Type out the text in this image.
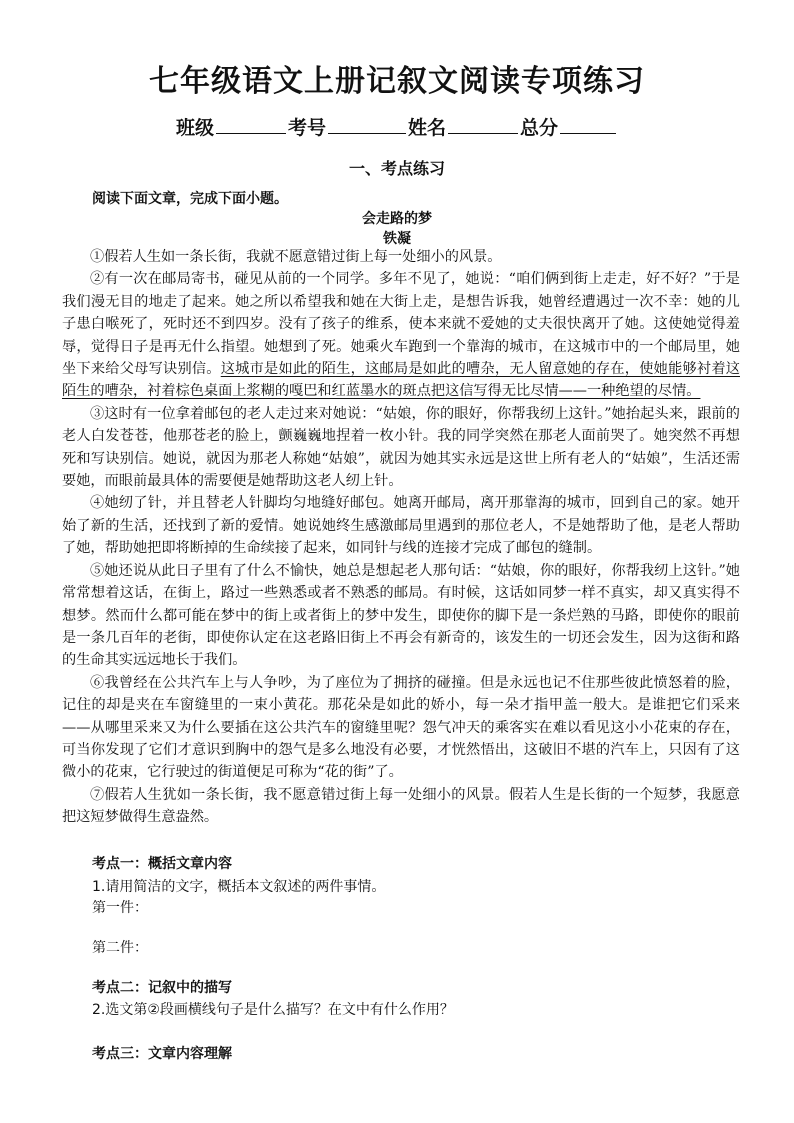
七年级语文上册记叙文阅读专项练习
班级	考号	姓名	总分
一、考点练习
阅读下面文章，完成下面小题。
会走路的梦
铁凝

①假若人生如一条长街，我就不愿意错过街上每一处细小的风景。

②有一次在邮局寄书，碰见从前的一个同学。多年不见了，她说：“咱们俩到街上走走，好不好？”于是我们漫无目的地走了起来。她之所以希望我和她在大街上走，是想告诉我，她曾经遭遇过一次不幸：她的儿子患白喉死了，死时还不到四岁。没有了孩子的维系，使本来就不爱她的丈夫很快离开了她。这使她觉得羞辱，觉得日子是再无什么指望。她想到了死。她乘火车跑到一个靠海的城市，在这城市中的一个邮局里，她坐下来给父母写诀别信。这城市是如此的陌生，这邮局是如此的嘈杂，无人留意她的存在，使她能够衬着这陌生的嘈杂，衬着棕色桌面上浆糊的嘎巴和红蓝墨水的斑点把这信写得无比尽情——一种绝望的尽情。

③这时有一位拿着邮包的老人走过来对她说：“姑娘，你的眼好，你帮我纫上这针。”她抬起头来，跟前的老人白发苍苍，他那苍老的脸上，颤巍巍地捏着一枚小针。我的同学突然在那老人面前哭了。她突然不再想死和写诀别信。她说，就因为那老人称她“姑娘”，就因为她其实永远是这世上所有老人的“姑娘”，生活还需要她，而眼前最具体的需要便是她帮助这老人纫上针。

④她纫了针，并且替老人针脚均匀地缝好邮包。她离开邮局，离开那靠海的城市，回到自己的家。她开始了新的生活，还找到了新的爱情。她说她终生感激邮局里遇到的那位老人，不是她帮助了他，是老人帮助了她，帮助她把即将断掉的生命续接了起来，如同针与线的连接才完成了邮包的缝制。

⑤她还说从此日子里有了什么不愉快，她总是想起老人那句话：“姑娘，你的眼好，你帮我纫上这针。”她常常想着这话，在街上，路过一些熟悉或者不熟悉的邮局。有时候，这话如同梦一样不真实，却又真实得不想梦。然而什么都可能在梦中的街上或者街上的梦中发生，即使你的脚下是一条烂熟的马路，即使你的眼前是一条几百年的老街，即使你认定在这老路旧街上不再会有新奇的，该发生的一切还会发生，因为这街和路的生命其实远远地长于我们。

⑥我曾经在公共汽车上与人争吵，为了座位为了拥挤的碰撞。但是永远也记不住那些彼此愤怒着的脸，记住的却是夹在车窗缝里的一束小黄花。那花朵是如此的娇小，每一朵才指甲盖一般大。是谁把它们采来——从哪里采来又为什么要插在这公共汽车的窗缝里呢？怨气冲天的乘客实在难以看见这小小花束的存在，可当你发现了它们才意识到胸中的怨气是多么地没有必要，才恍然悟出，这破旧不堪的汽车上，只因有了这微小的花束，它行驶过的街道便足可称为“花的街”了。

⑦假若人生犹如一条长街，我不愿意错过街上每一处细小的风景。假若人生是长街的一个短梦，我愿意把这短梦做得生意盎然。

考点一：概括文章内容
1.请用简洁的文字，概括本文叙述的两件事情。
第一件：
第二件：
考点二：记叙中的描写
2.选文第②段画横线句子是什么描写？在文中有什么作用？
考点三：文章内容理解
